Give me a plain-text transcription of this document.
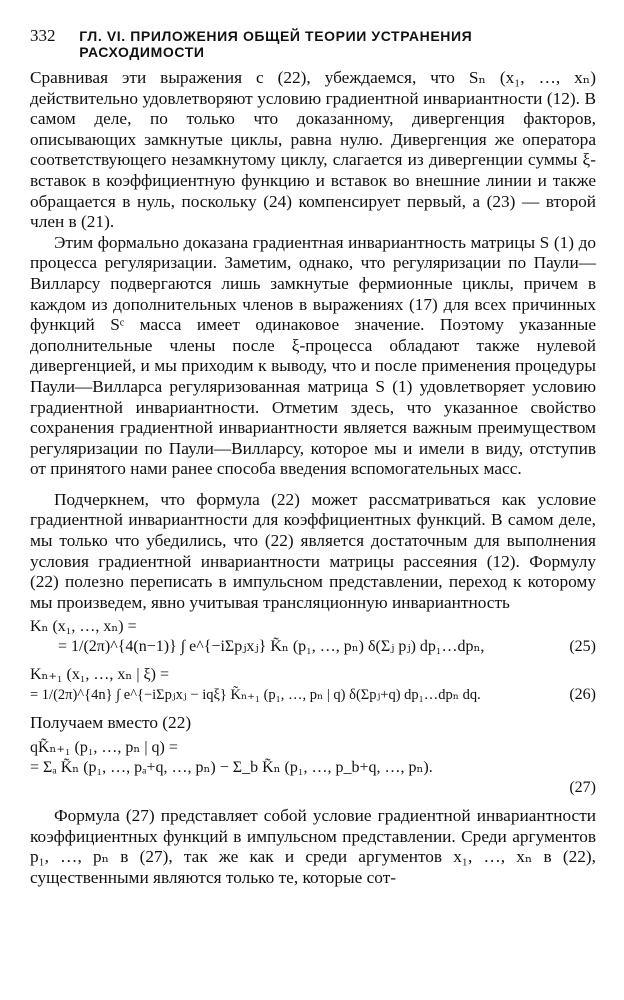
332	ГЛ. VI. ПРИЛОЖЕНИЯ ОБЩЕЙ ТЕОРИИ УСТРАНЕНИЯ РАСХОДИМОСТИ

Сравнивая эти выражения с (22), убеждаемся, что Sₙ (x₁, …, xₙ) действительно удовлетворяют условию градиентной инвариантности (12). В самом деле, по только что доказанному, дивергенция факторов, описывающих замкнутые циклы, равна нулю. Дивергенция же оператора соответствующего незамкнутому циклу, слагается из дивергенции суммы ξ-вставок в коэффициентную функцию и вставок во внешние линии и также обращается в нуль, поскольку (24) компенсирует первый, а (23) — второй член в (21).

Этим формально доказана градиентная инвариантность матрицы S (1) до процесса регуляризации. Заметим, однако, что регуляризации по Паули—Вилларсу подвергаются лишь замкнутые фермионные циклы, причем в каждом из дополнительных членов в выражениях (17) для всех причинных функций Sᶜ масса имеет одинаковое значение. Поэтому указанные дополнительные члены после ξ-процесса обладают также нулевой дивергенцией, и мы приходим к выводу, что и после применения процедуры Паули—Вилларса регуляризованная матрица S (1) удовлетворяет условию градиентной инвариантности. Отметим здесь, что указанное свойство сохранения градиентной инвариантности является важным преимуществом регуляризации по Паули—Вилларсу, которое мы и имели в виду, отступив от принятого нами ранее способа введения вспомогательных масс.

Подчеркнем, что формула (22) может рассматриваться как условие градиентной инвариантности для коэффициентных функций. В самом деле, мы только что убедились, что (22) является достаточным для выполнения условия градиентной инвариантности матрицы рассеяния (12). Формулу (22) полезно переписать в импульсном представлении, переход к которому мы произведем, явно учитывая трансляционную инвариантность

Kₙ (x₁, …, xₙ) =
= 1/(2π)^{4(n−1)} ∫ e^{−iΣpⱼxⱼ} K̃ₙ (p₁, …, pₙ) δ(Σⱼ pⱼ) dp₁…dpₙ,	(25)
Kₙ₊₁ (x₁, …, xₙ | ξ) =
= 1/(2π)^{4n} ∫ e^{−iΣpⱼxⱼ − iqξ} K̃ₙ₊₁ (p₁, …, pₙ | q) δ(Σpⱼ+q) dp₁…dpₙ dq.	(26)

Получаем вместо (22)

qK̃ₙ₊₁ (p₁, …, pₙ | q) =
= Σₐ K̃ₙ (p₁, …, pₐ+q, …, pₙ) − Σ_b K̃ₙ (p₁, …, p_b+q, …, pₙ).
(27)

Формула (27) представляет собой условие градиентной инвариантности коэффициентных функций в импульсном представлении. Среди аргументов p₁, …, pₙ в (27), так же как и среди аргументов x₁, …, xₙ в (22), существенными являются только те, которые сот-
